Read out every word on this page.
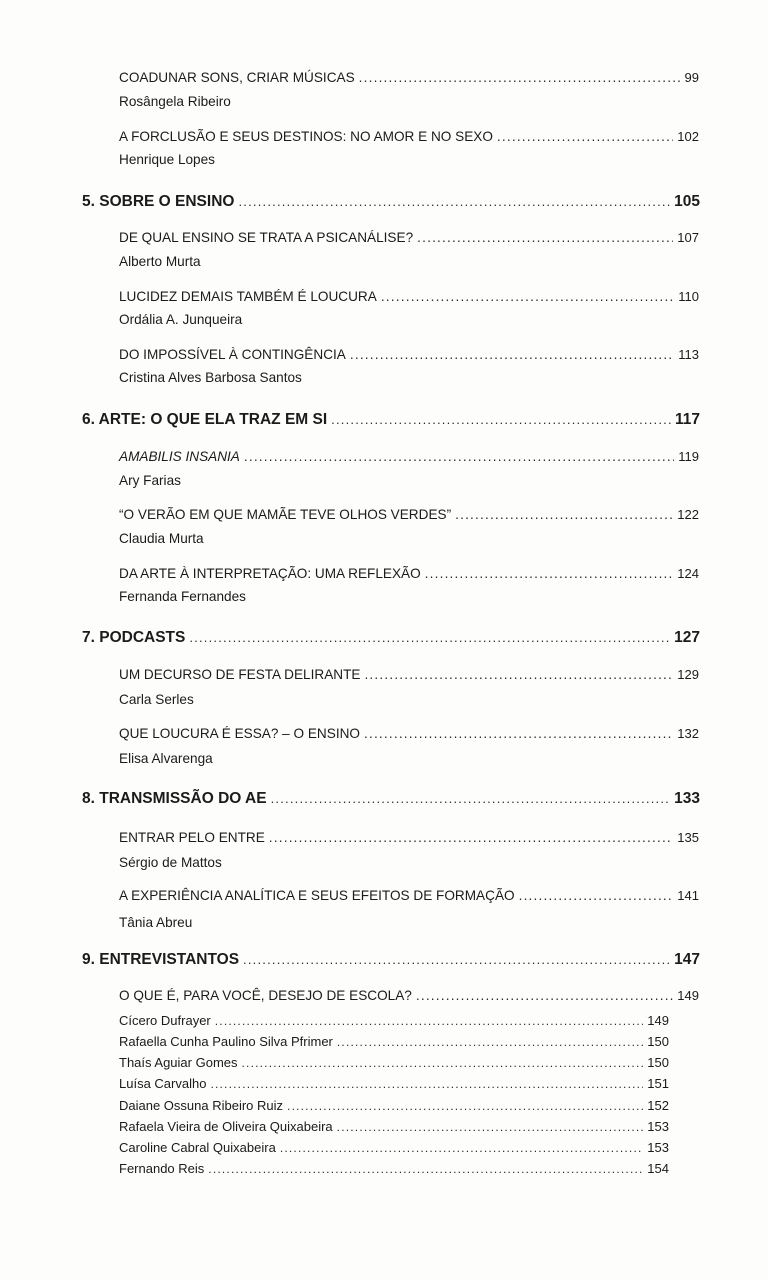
COADUNAR SONS, CRIAR MÚSICAS .....	99
Rosângela Ribeiro
A FORCLUSÃO E SEUS DESTINOS: NO AMOR E NO SEXO .....	102
Henrique Lopes
5. SOBRE O ENSINO .....	105
DE QUAL ENSINO SE TRATA A PSICANÁLISE? .....	107
Alberto Murta
LUCIDEZ DEMAIS TAMBÉM É LOUCURA .....	110
Ordália A. Junqueira
DO IMPOSSÍVEL À CONTINGÊNCIA .....	113
Cristina Alves Barbosa Santos
6. ARTE: O QUE ELA TRAZ EM SI .....	117
AMABILIS INSANIA .....	119
Ary Farias
“O VERÃO EM QUE MAMÃE TEVE OLHOS VERDES” .....	122
Claudia Murta
DA ARTE À INTERPRETAÇÃO: UMA REFLEXÃO .....	124
Fernanda Fernandes
7. PODCASTS .....	127
UM DECURSO DE FESTA DELIRANTE .....	129
Carla Serles
QUE LOUCURA É ESSA? – O ENSINO .....	132
Elisa Alvarenga
8. TRANSMISSÃO DO AE .....	133
ENTRAR PELO ENTRE .....	135
Sérgio de Mattos
A EXPERIÊNCIA ANALÍTICA E SEUS EFEITOS DE FORMAÇÃO .....	141
Tânia Abreu
9. ENTREVISTANTOS .....	147
O QUE É, PARA VOCÊ, DESEJO DE ESCOLA? .....	149
Cícero Dufrayer .....	149
Rafaella Cunha Paulino Silva Pfrimer .....	150
Thaís Aguiar Gomes .....	150
Luísa Carvalho .....	151
Daiane Ossuna Ribeiro Ruiz .....	152
Rafaela Vieira de Oliveira Quixabeira .....	153
Caroline Cabral Quixabeira .....	153
Fernando Reis .....	154
